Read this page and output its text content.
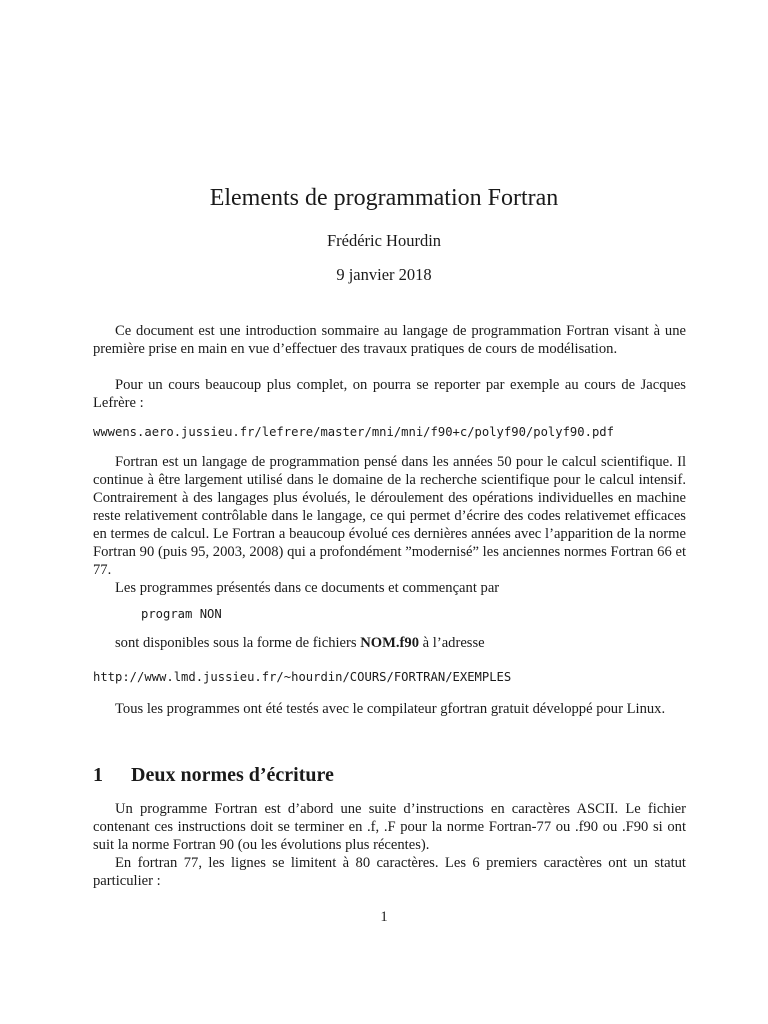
Elements de programmation Fortran
Frédéric Hourdin
9 janvier 2018

Ce document est une introduction sommaire au langage de programmation Fortran visant à une première prise en main en vue d’effectuer des travaux pratiques de cours de modélisation.

Pour un cours beaucoup plus complet, on pourra se reporter par exemple au cours de Jacques Lefrère :

wwwens.aero.jussieu.fr/lefrere/master/mni/mni/f90+c/polyf90/polyf90.pdf

Fortran est un langage de programmation pensé dans les années 50 pour le calcul scientifique. Il continue à être largement utilisé dans le domaine de la recherche scientifique pour le calcul intensif. Contrairement à des langages plus évolués, le déroulement des opérations individuelles en machine reste relativement contrôlable dans le langage, ce qui permet d’écrire des codes relativemet efficaces en termes de calcul. Le Fortran a beaucoup évolué ces dernières années avec l’apparition de la norme Fortran 90 (puis 95, 2003, 2008) qui a profondément ”modernisé” les anciennes normes Fortran 66 et 77.

Les programmes présentés dans ce documents et commençant par

program NON
sont disponibles sous la forme de fichiers NOM.f90 à l’adresse
http://www.lmd.jussieu.fr/~hourdin/COURS/FORTRAN/EXEMPLES

Tous les programmes ont été testés avec le compilateur gfortran gratuit développé pour Linux.

1 Deux normes d’écriture

Un programme Fortran est d’abord une suite d’instructions en caractères ASCII. Le fichier contenant ces instructions doit se terminer en .f, .F pour la norme Fortran-77 ou .f90 ou .F90 si ont suit la norme Fortran 90 (ou les évolutions plus récentes).

En fortran 77, les lignes se limitent à 80 caractères. Les 6 premiers caractères ont un statut particulier :

1
